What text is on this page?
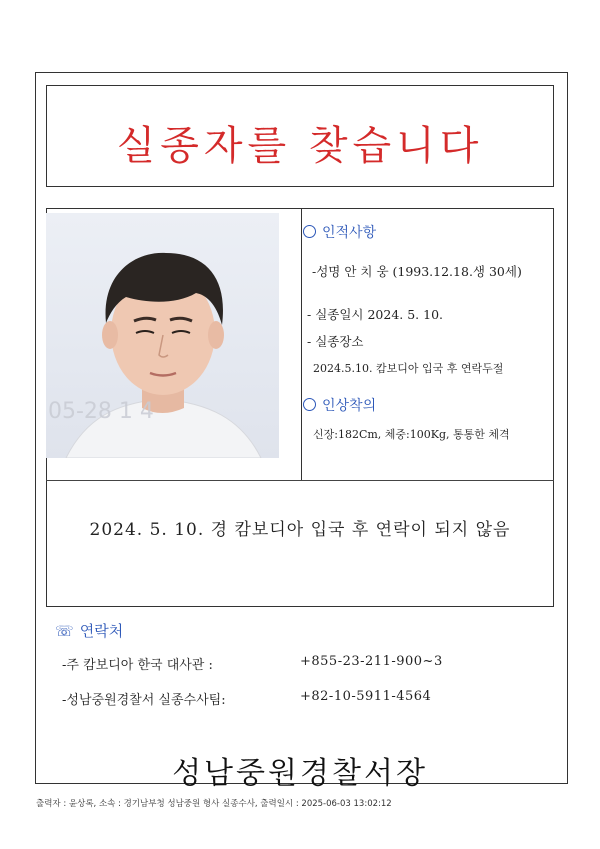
실종자를 찾습니다
05-28 1 4
인적사항
-성명 안 치 웅 (1993.12.18.생 30세)
- 실종일시 2024. 5. 10.
- 실종장소
2024.5.10. 캄보디아 입국 후 연락두절
인상착의
신장:182Cm, 체중:100Kg, 통통한 체격
2024. 5. 10. 경 캄보디아 입국 후 연락이 되지 않음
☏ 연락처
-주 캄보디아 한국 대사관 :	+855-23-211-900~3
-성남중원경찰서 실종수사팀:	+82-10-5911-4564
성남중원경찰서장
출력자 : 윤상록, 소속 : 경기남부청 성남중원 형사 실종수사, 출력일시 : 2025-06-03 13:02:12
